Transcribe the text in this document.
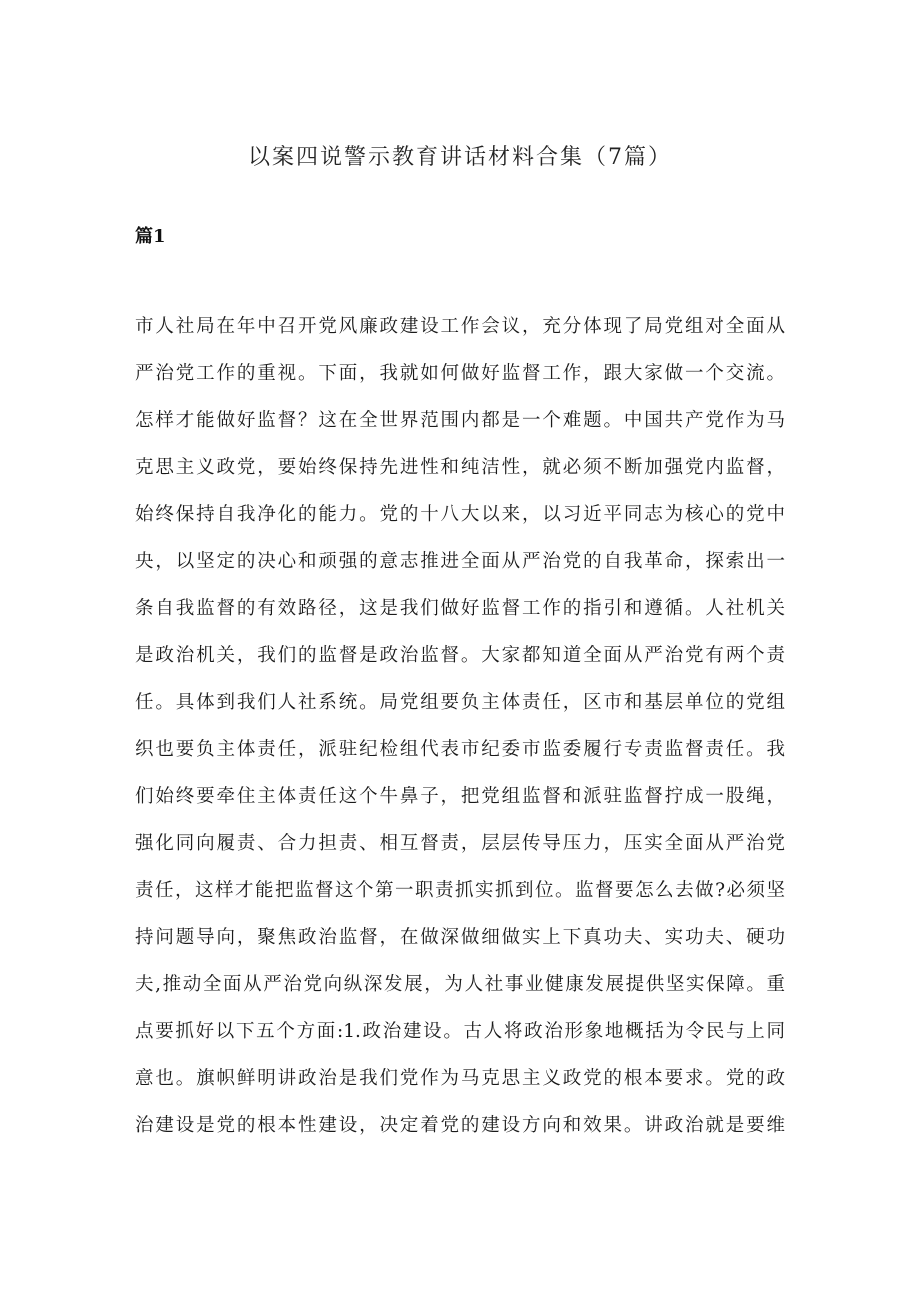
以案四说警示教育讲话材料合集（7篇）
篇1
市人社局在年中召开党风廉政建设工作会议，充分体现了局党组对全面从
严治党工作的重视。下面，我就如何做好监督工作，跟大家做一个交流。
怎样才能做好监督？这在全世界范围内都是一个难题。中国共产党作为马
克思主义政党，要始终保持先进性和纯洁性，就必须不断加强党内监督，
始终保持自我净化的能力。党的十八大以来，以习近平同志为核心的党中
央，以坚定的决心和顽强的意志推进全面从严治党的自我革命，探索出一
条自我监督的有效路径，这是我们做好监督工作的指引和遵循。人社机关
是政治机关，我们的监督是政治监督。大家都知道全面从严治党有两个责
任。具体到我们人社系统。局党组要负主体责任，区市和基层单位的党组
织也要负主体责任，派驻纪检组代表市纪委市监委履行专责监督责任。我
们始终要牵住主体责任这个牛鼻子，把党组监督和派驻监督拧成一股绳，
强化同向履责、合力担责、相互督责，层层传导压力，压实全面从严治党
责任，这样才能把监督这个第一职责抓实抓到位。监督要怎么去做?必须坚
持问题导向，聚焦政治监督，在做深做细做实上下真功夫、实功夫、硬功
夫,推动全面从严治党向纵深发展，为人社事业健康发展提供坚实保障。重
点要抓好以下五个方面:1.政治建设。古人将政治形象地概括为令民与上同
意也。旗帜鲜明讲政治是我们党作为马克思主义政党的根本要求。党的政
治建设是党的根本性建设，决定着党的建设方向和效果。讲政治就是要维
